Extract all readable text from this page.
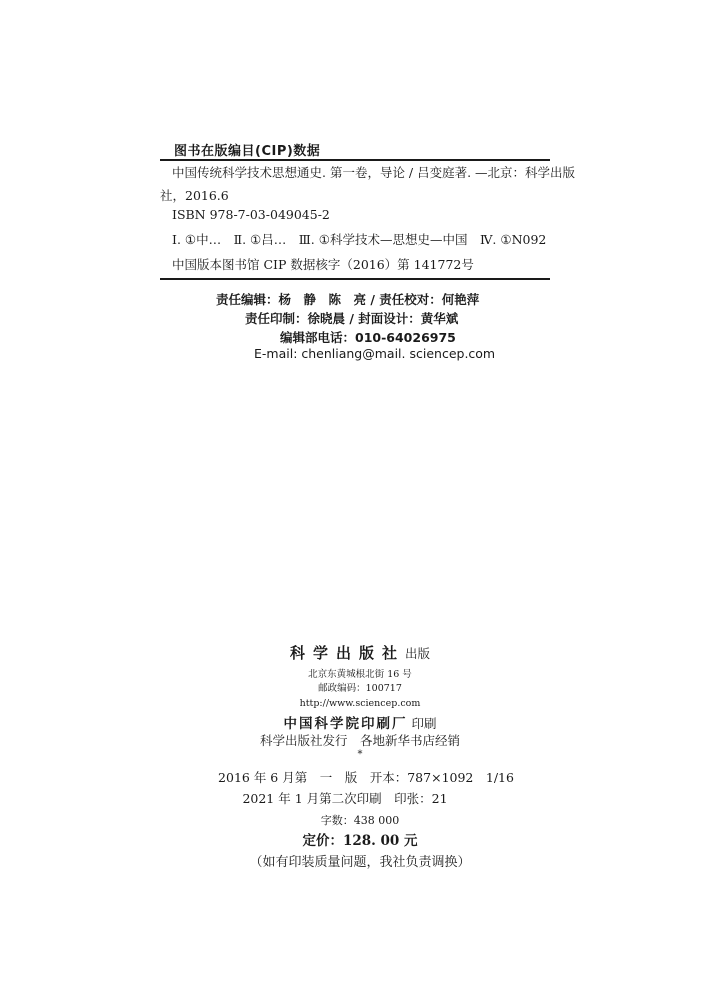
图书在版编目(CIP)数据
中国传统科学技术思想通史. 第一卷，导论 / 吕变庭著. —北京：科学出版
社，2016.6
ISBN 978-7-03-049045-2
Ⅰ. ①中…　Ⅱ. ①吕…　Ⅲ. ①科学技术—思想史—中国　Ⅳ. ①N092
中国版本图书馆 CIP 数据核字（2016）第 141772号
责任编辑：杨　静　陈　亮 / 责任校对：何艳萍
责任印制：徐晓晨 / 封面设计：黄华斌
编辑部电话：010-64026975
E-mail: chenliang@mail. sciencep.com
科学出版社出版
北京东黄城根北街 16 号
邮政编码：100717
http://www.sciencep.com
中国科学院印刷厂 印刷
科学出版社发行　各地新华书店经销
*
2016 年 6 月第　一　版　开本：787×1092　1/16
2021 年 1 月第二次印刷　印张：21
字数：438 000
定价：128. 00 元
（如有印装质量问题，我社负责调换）
